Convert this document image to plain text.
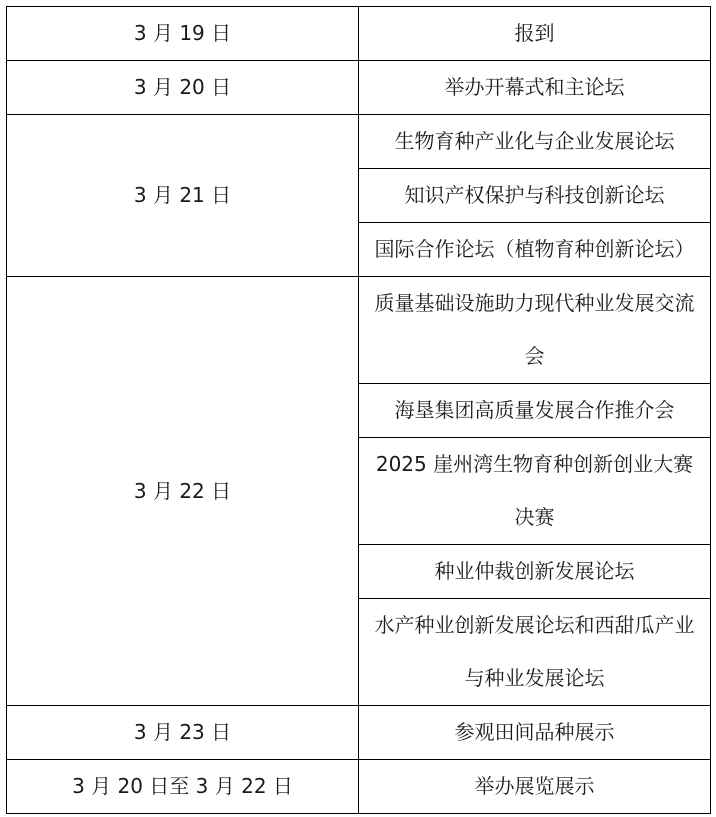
3 月 19 日	报到
3 月 20 日	举办开幕式和主论坛
3 月 21 日	生物育种产业化与企业发展论坛
	知识产权保护与科技创新论坛
	国际合作论坛（植物育种创新论坛）
3 月 22 日	质量基础设施助力现代种业发展交流会
	海垦集团高质量发展合作推介会
	2025 崖州湾生物育种创新创业大赛决赛
	种业仲裁创新发展论坛
	水产种业创新发展论坛和西甜瓜产业与种业发展论坛
3 月 23 日	参观田间品种展示
3 月 20 日至 3 月 22 日	举办展览展示
